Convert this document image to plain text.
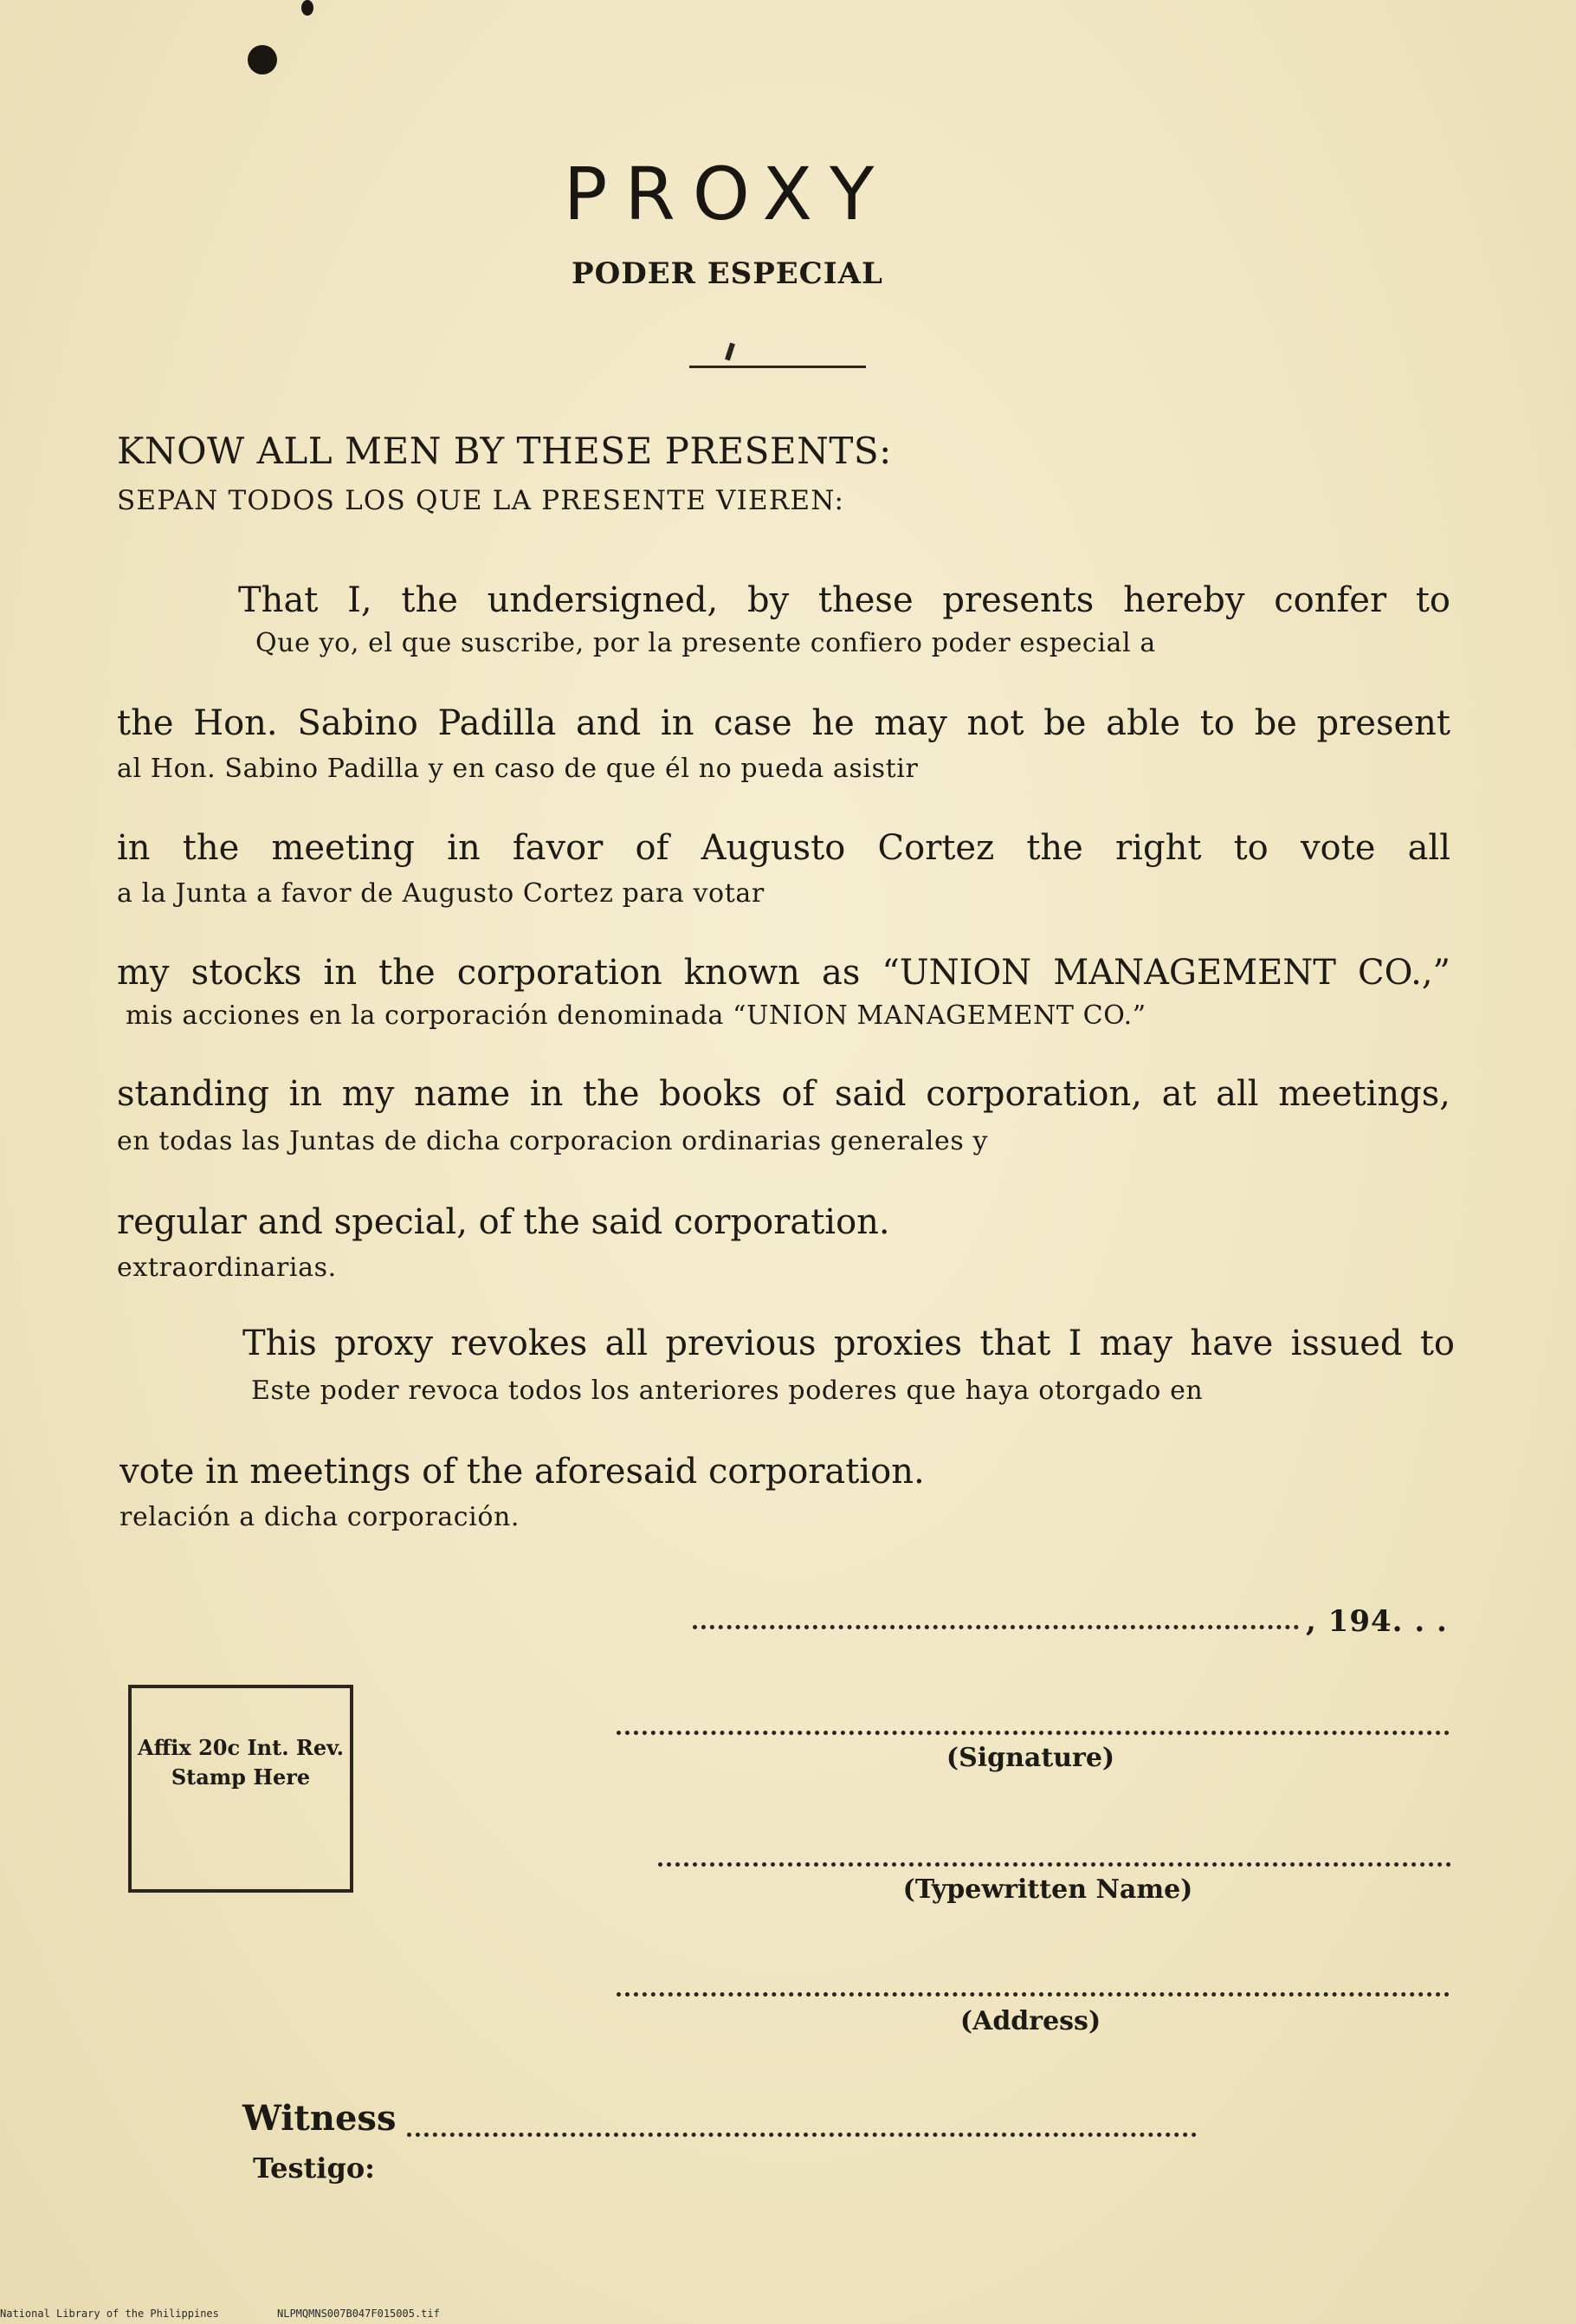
PROXY
PODER ESPECIAL
KNOW ALL MEN BY THESE PRESENTS:
SEPAN TODOS LOS QUE LA PRESENTE VIEREN:
That I, the undersigned, by these presents hereby confer to
Que yo, el que suscribe, por la presente confiero poder especial a
the Hon. Sabino Padilla and in case he may not be able to be present
al Hon. Sabino Padilla y en caso de que él no pueda asistir
in the meeting in favor of Augusto Cortez the right to vote all
a la Junta a favor de Augusto Cortez para votar
my stocks in the corporation known as “UNION MANAGEMENT CO.,”
mis acciones en la corporación denominada “UNION MANAGEMENT CO.”
standing in my name in the books of said corporation, at all meetings,
en todas las Juntas de dicha corporacion ordinarias generales y
regular and special, of the said corporation.
extraordinarias.
This proxy revokes all previous proxies that I may have issued to
Este poder revoca todos los anteriores poderes que haya otorgado en
vote in meetings of the aforesaid corporation.
relación a dicha corporación.
, 194. . .
Affix 20c Int. Rev. Stamp Here
(Signature)
(Typewritten Name)
(Address)
Witness
Testigo:
National Library of the Philippines	NLPMQMNS007B047F015005.tif
